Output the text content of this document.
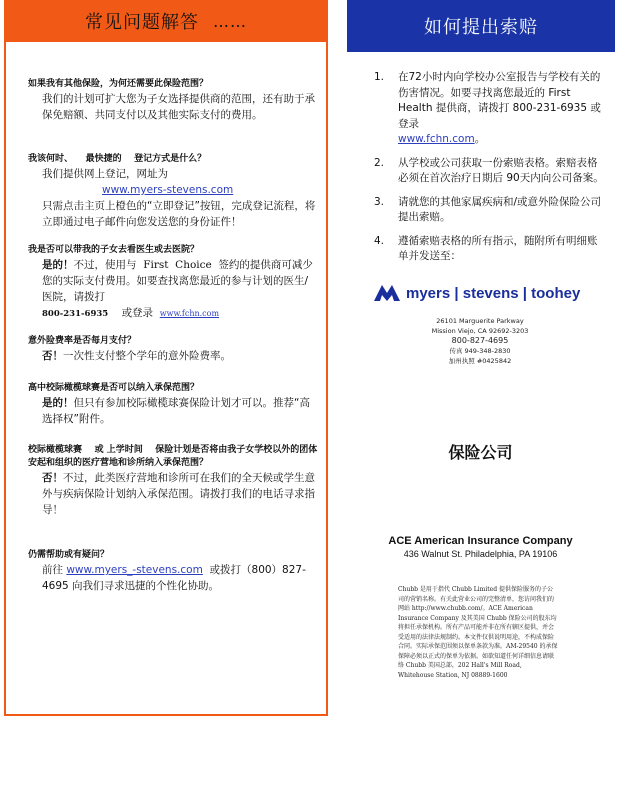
常见问题解答 ……	如何提出索赔
如果我有其他保险，为何还需要此保险范围？
我们的计划可扩大您为子女选择提供商的范围，还有助于承保免赔额、共同支付以及其他实际支付的费用。
我该何时、 最快捷的 登记方式是什么？
我们提供网上登记，网址为
www.myers-stevens.com
只需点击主页上橙色的“立即登记”按钮，完成登记流程，将立即通过电子邮件向您发送您的身份证件！
我是否可以带我的子女去看医生或去医院？
是的！不过，使用与 First Choice 签约的提供商可减少您的实际支付费用。如要查找离您最近的参与计划的医生/医院，请拨打
800-231-6935 或登录 www.fchn.com
意外险费率是否每月支付？
否！一次性支付整个学年的意外险费率。
高中校际橄榄球赛是否可以纳入承保范围？
是的！但只有参加校际橄榄球赛保险计划才可以。推荐“高选择权”附件。
校际橄榄球赛 或 上学时间 保险计划是否将由我子女学校以外的团体安起和组织的医疗营地和诊所纳入承保范围？
否！不过，此类医疗营地和诊所可在我们的全天候或学生意外与疾病保险计划纳入承保范围。请拨打我们的电话寻求指导！
仍需帮助或有疑问？
前往 www.myers_-stevens.com 或拨打（800）827-4695 向我们寻求迅捷的个性化协助。
1.	在72小时内向学校办公室报告与学校有关的伤害情况。如要寻找离您最近的 First Health 提供商，请拨打 800-231-6935 或登录
www.fchn.com。
2.	从学校或公司获取一份索赔表格。索赔表格必须在首次治疗日期后 90天内向公司备案。
3.	请就您的其他家属疾病和/或意外险保险公司提出索赔。
4.	遵循索赔表格的所有指示，随附所有明细账单并发送至：
myers | stevens | toohey
26101 Marguerite Parkway
Mission Viejo, CA 92692-3203
800-827-4695
传真 949-348-2830
加州执照 #0425842
保险公司
ACE American Insurance Company
436 Walnut St. Philadelphia, PA 19106
Chubb 是用于指代 Chubb Limited 提供保险服务的子公司的营销名称。有关此营业公司的完整清单，您访问我们的网站 http://www.chubb.com/。ACE American Insurance Company 及其美国 Chubb 保险公司的股东均将担任承保机构。所有产品可能并非在所有辖区提供，并会受适用的法律法规制约。本文件仅供说明用途，不构成保险合同。实际承保范围须以保单条款为准。AM-29540 的承保保障必须以正式的保单为依据。如欲知道任何详细信息请联络 Chubb 美国总部，202 Hall's Mill Road, Whitehouse Station, NJ 08889-1600
